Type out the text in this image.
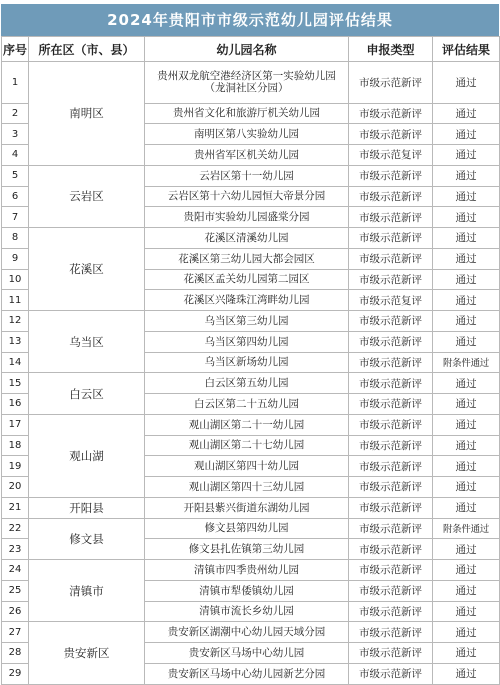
2024年贵阳市市级示范幼儿园评估结果
序号	所在区（市、县）	幼儿园名称	申报类型	评估结果
1	南明区	贵州双龙航空港经济区第一实验幼儿园（龙洞社区分园）	市级示范新评	通过
2		贵州省文化和旅游厅机关幼儿园	市级示范新评	通过
3		南明区第八实验幼儿园	市级示范新评	通过
4		贵州省军区机关幼儿园	市级示范复评	通过
5	云岩区	云岩区第十一幼儿园	市级示范新评	通过
6		云岩区第十六幼儿园恒大帝景分园	市级示范新评	通过
7		贵阳市实验幼儿园盛棠分园	市级示范新评	通过
8	花溪区	花溪区清溪幼儿园	市级示范新评	通过
9		花溪区第三幼儿园大都会园区	市级示范新评	通过
10		花溪区孟关幼儿园第二园区	市级示范新评	通过
11		花溪区兴隆珠江湾畔幼儿园	市级示范复评	通过
12	乌当区	乌当区第三幼儿园	市级示范新评	通过
13		乌当区第四幼儿园	市级示范新评	通过
14		乌当区新场幼儿园	市级示范新评	附条件通过
15	白云区	白云区第五幼儿园	市级示范新评	通过
16		白云区第二十五幼儿园	市级示范新评	通过
17	观山湖	观山湖区第二十一幼儿园	市级示范新评	通过
18		观山湖区第二十七幼儿园	市级示范新评	通过
19		观山湖区第四十幼儿园	市级示范新评	通过
20		观山湖区第四十三幼儿园	市级示范新评	通过
21	开阳县	开阳县紫兴街道东湖幼儿园	市级示范新评	通过
22	修文县	修文县第四幼儿园	市级示范新评	附条件通过
23		修文县扎佐镇第三幼儿园	市级示范新评	通过
24	清镇市	清镇市四季贵州幼儿园	市级示范新评	通过
25		清镇市犁倭镇幼儿园	市级示范新评	通过
26		清镇市流长乡幼儿园	市级示范新评	通过
27	贵安新区	贵安新区湖潮中心幼儿园天域分园	市级示范新评	通过
28		贵安新区马场中心幼儿园	市级示范新评	通过
29		贵安新区马场中心幼儿园新艺分园	市级示范新评	通过
